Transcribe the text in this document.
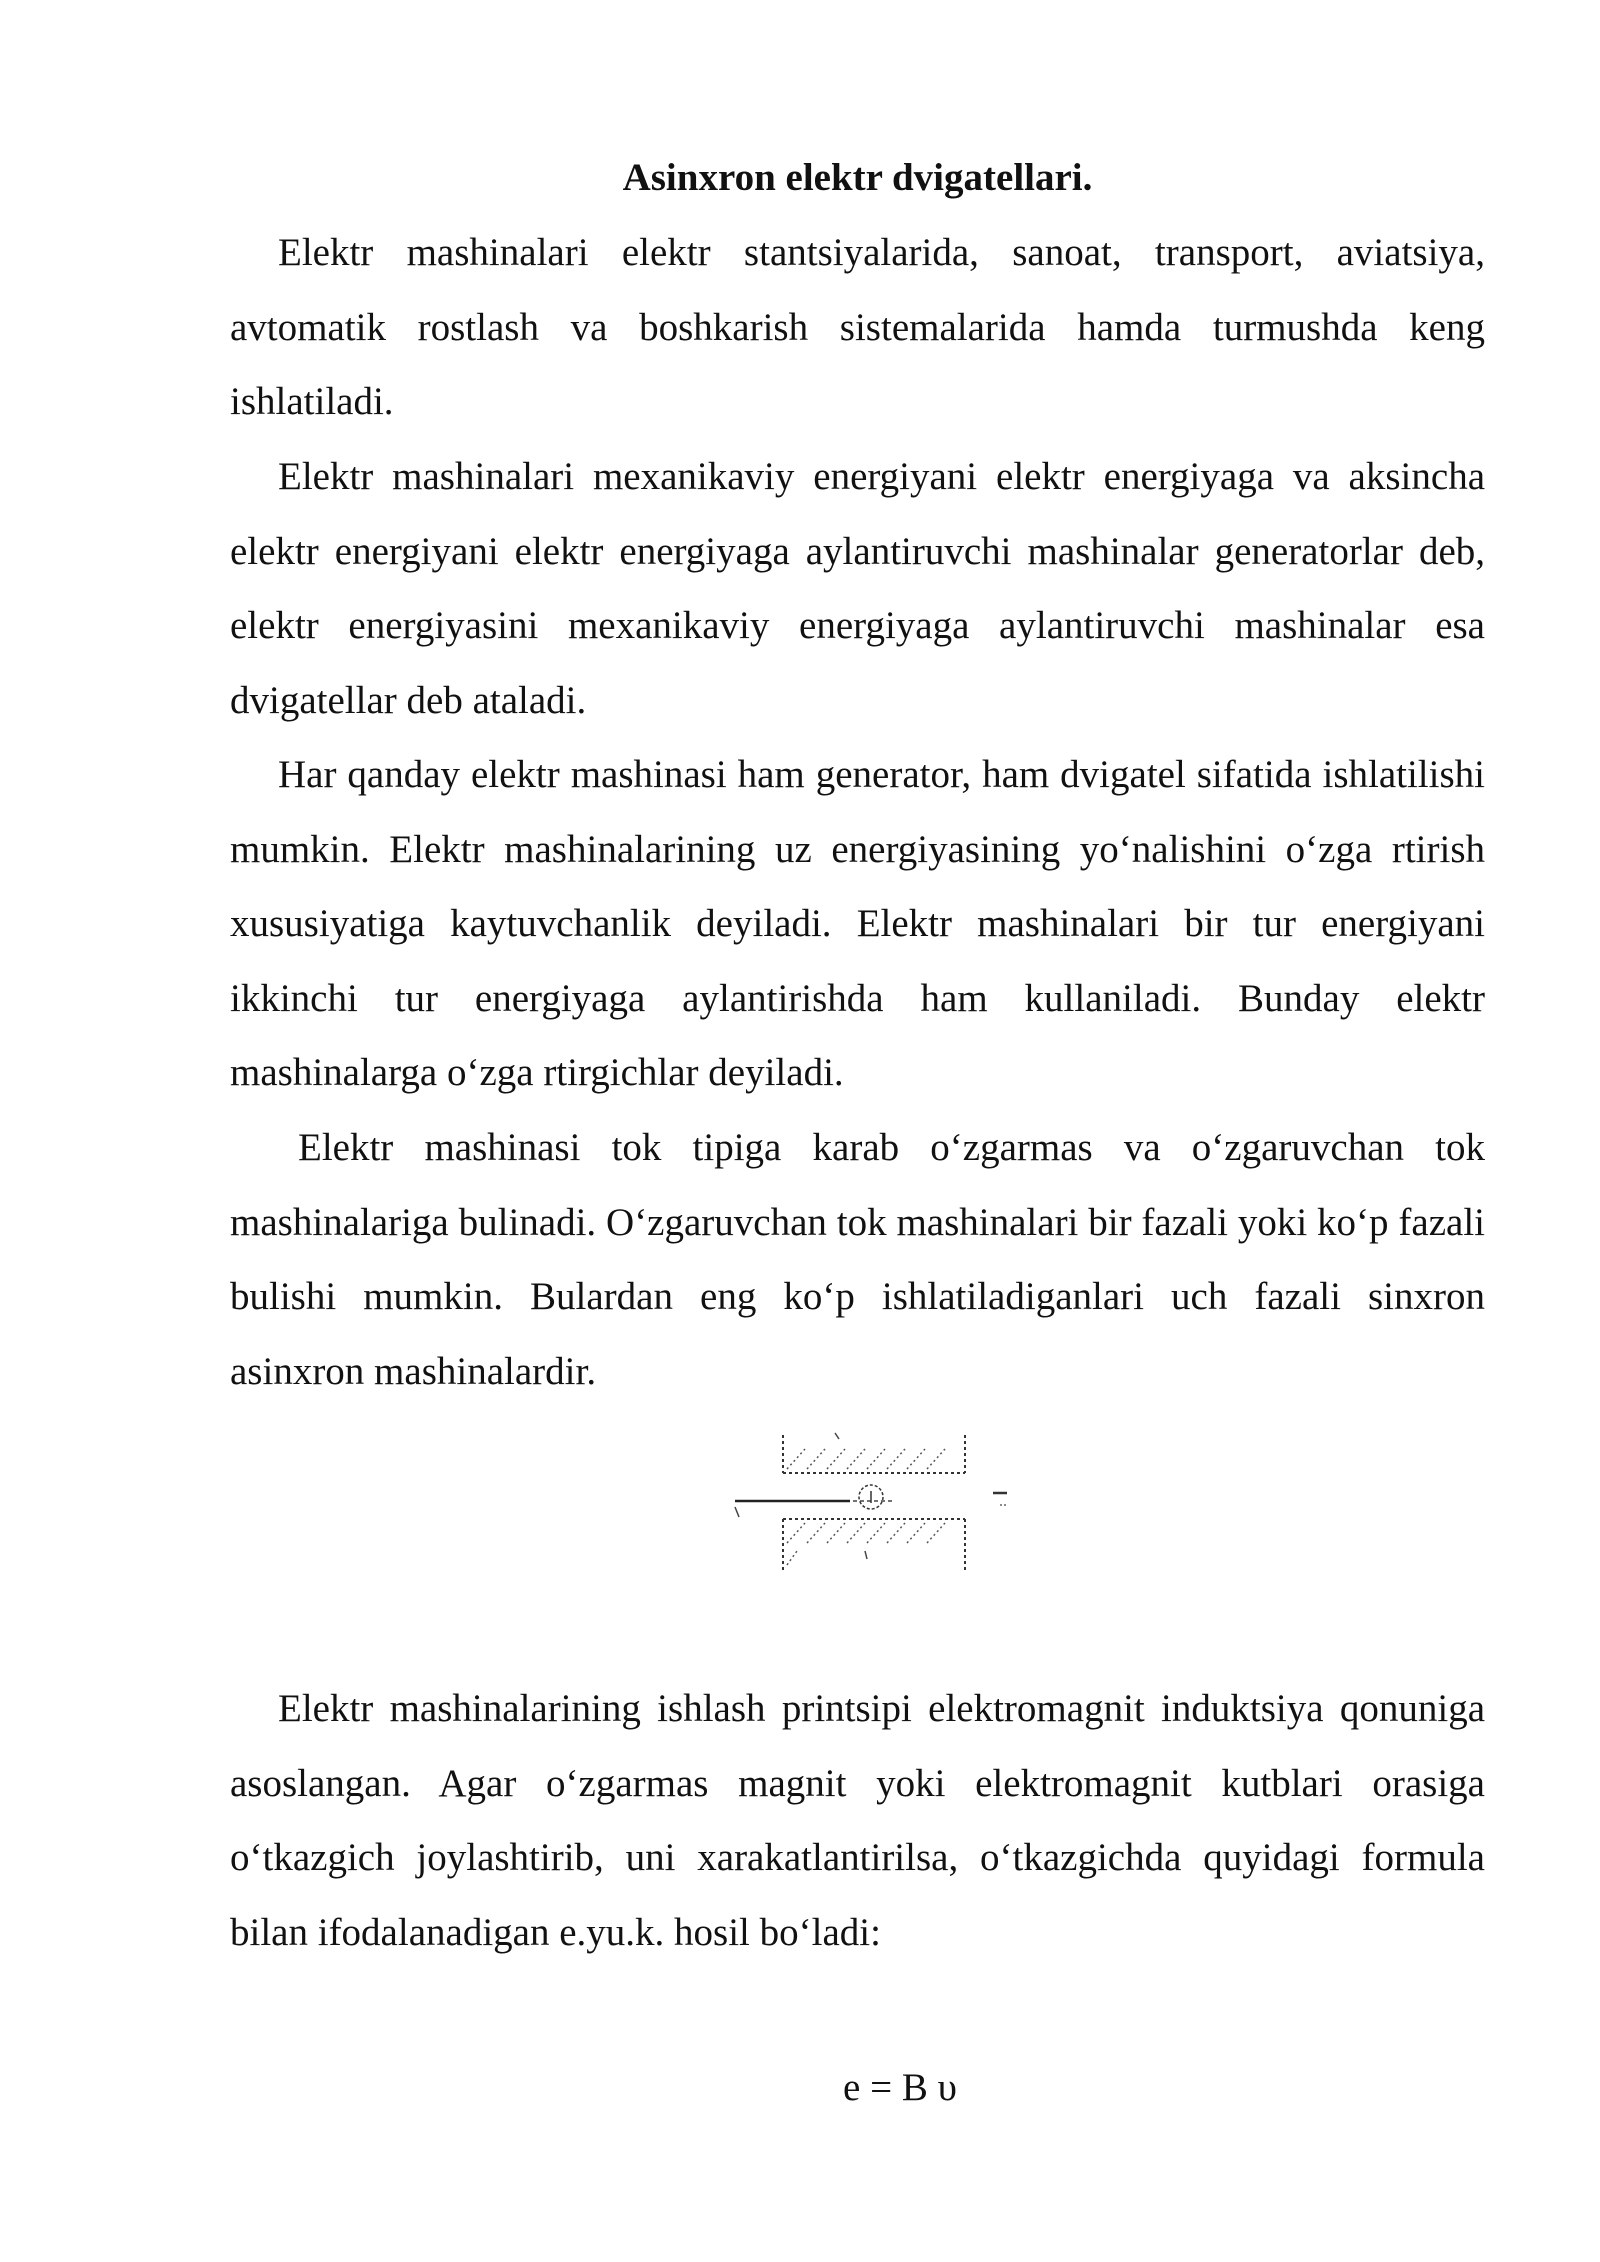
Asinxron elektr dvigatellari.

Elektr mashinalari elektr stantsiyalarida, sanoat, transport, aviatsiya, avtomatik rostlash va boshkarish sistemalarida hamda turmushda keng ishlatiladi.

Elektr mashinalari mexanikaviy energiyani elektr energiyaga va aksincha elektr energiyani elektr energiyaga aylantiruvchi mashinalar generatorlar deb, elektr energiyasini mexanikaviy energiyaga aylantiruvchi mashinalar esa dvigatellar deb ataladi.

Har qanday elektr mashinasi ham generator, ham dvigatel sifatida ishlatilishi mumkin. Elektr mashinalarining uz energiyasining yo‘nalishini o‘zga rtirish xususiyatiga kaytuvchanlik deyiladi. Elektr mashinalari bir tur energiyani ikkinchi tur energiyaga aylantirishda ham kullaniladi. Bunday elektr mashinalarga o‘zga rtirgichlar deyiladi.

Elektr mashinasi tok tipiga karab o‘zgarmas va o‘zgaruvchan tok mashinalariga bulinadi. O‘zgaruvchan tok mashinalari bir fazali yoki ko‘p fazali bulishi mumkin. Bulardan eng ko‘p ishlatiladiganlari uch fazali sinxron asinxron mashinalardir.

Elektr mashinalarining ishlash printsipi elektromagnit induktsiya qonuniga asoslangan. Agar o‘zgarmas magnit yoki elektromagnit kutblari orasiga o‘tkazgich joylashtirib, uni xarakatlantirilsa, o‘tkazgichda quyidagi formula bilan ifodalanadigan e.yu.k. hosil bo‘ladi:

e = B υ
